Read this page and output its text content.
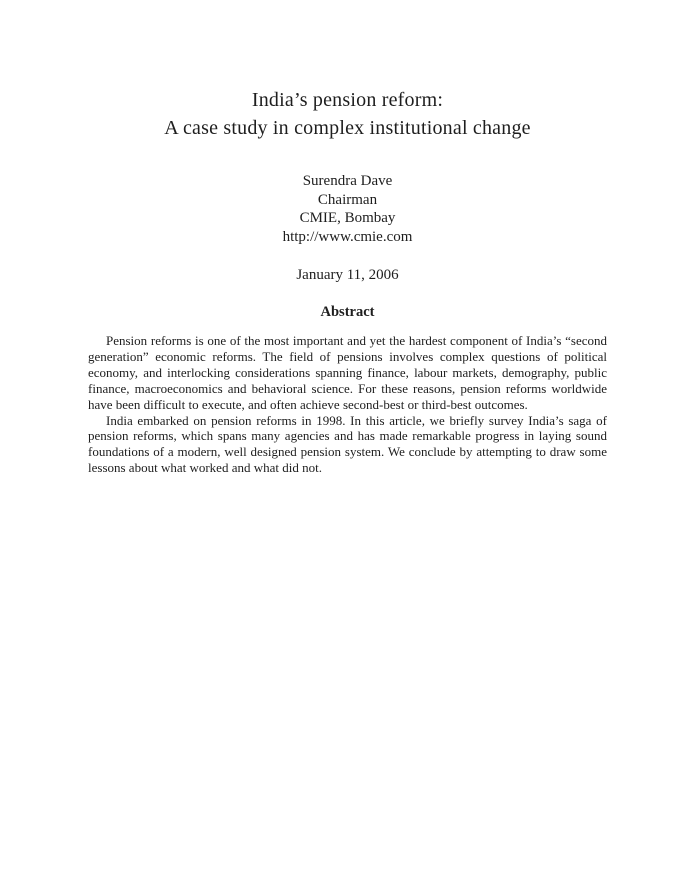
India’s pension reform:
A case study in complex institutional change
Surendra Dave
Chairman
CMIE, Bombay
http://www.cmie.com
January 11, 2006
Abstract

Pension reforms is one of the most important and yet the hardest component of India’s “second generation” economic reforms. The field of pensions involves complex questions of political economy, and interlocking considerations spanning finance, labour markets, demography, public finance, macroeconomics and behavioral science. For these reasons, pension reforms worldwide have been difficult to execute, and often achieve second-best or third-best outcomes.

India embarked on pension reforms in 1998. In this article, we briefly survey India’s saga of pension reforms, which spans many agencies and has made remarkable progress in laying sound foundations of a modern, well designed pension system. We conclude by attempting to draw some lessons about what worked and what did not.
